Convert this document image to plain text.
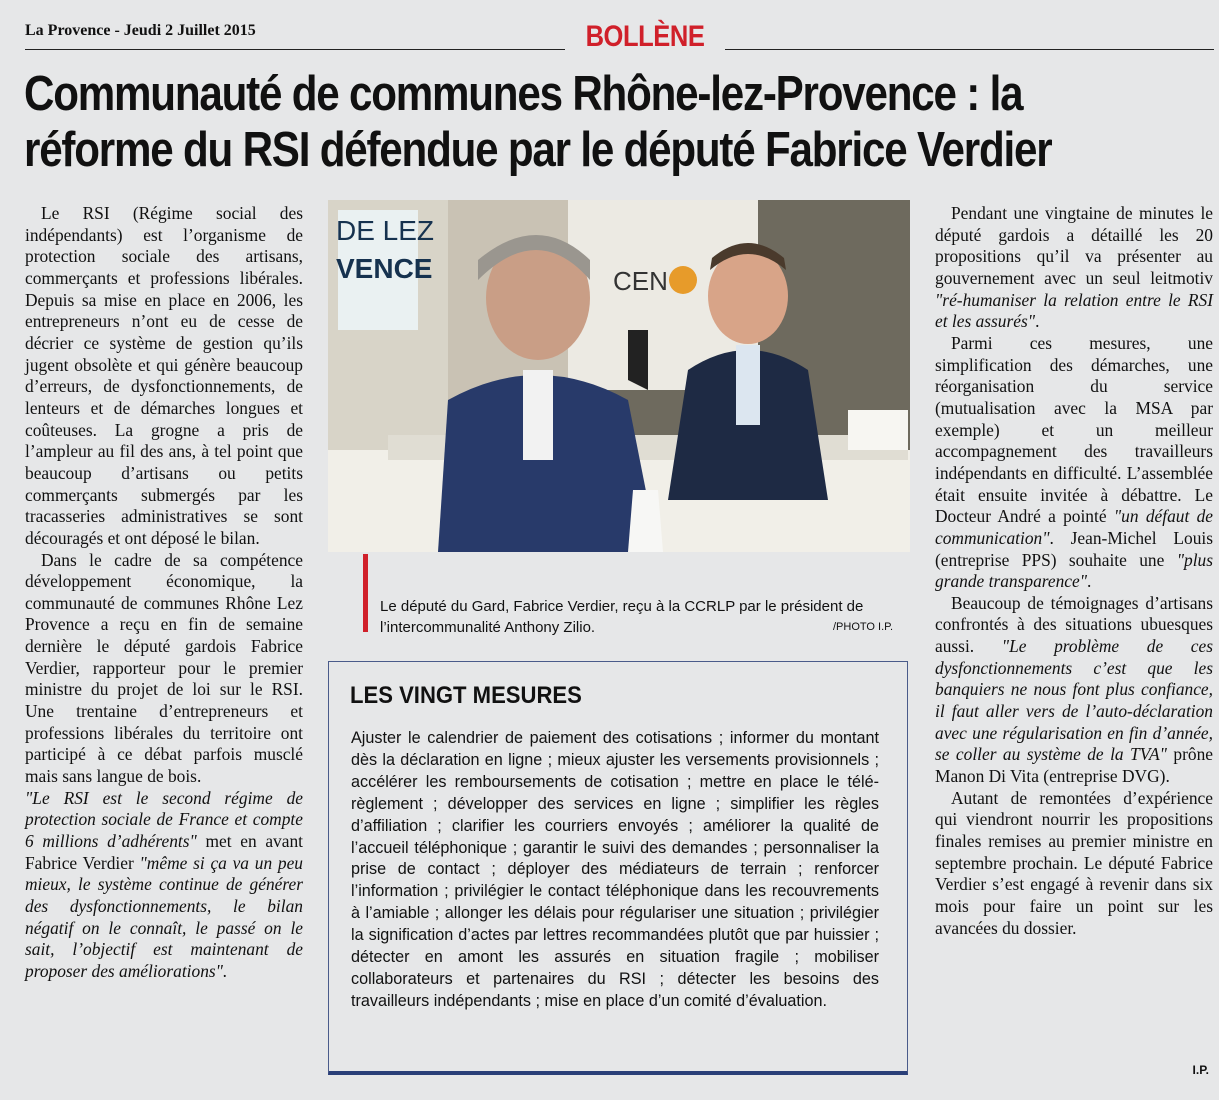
La Provence - Jeudi 2 Juillet 2015	BOLLÈNE
Communauté de communes Rhône-lez-Provence : la
réforme du RSI défendue par le député Fabrice Verdier

Le RSI (Régime social des indépendants) est l’organisme de protection sociale des artisans, commerçants et professions libérales. Depuis sa mise en place en 2006, les entrepreneurs n’ont eu de cesse de décrier ce système de gestion qu’ils jugent obsolète et qui génère beaucoup d’erreurs, de dysfonctionnements, de lenteurs et de démarches longues et coûteuses. La grogne a pris de l’ampleur au fil des ans, à tel point que beaucoup d’artisans ou petits commerçants submergés par les tracasseries administratives se sont découragés et ont déposé le bilan.

Dans le cadre de sa compétence développement économique, la communauté de communes Rhône Lez Provence a reçu en fin de semaine dernière le député gardois Fabrice Verdier, rapporteur pour le premier ministre du projet de loi sur le RSI. Une trentaine d’entrepreneurs et professions libérales du territoire ont participé à ce débat parfois musclé mais sans langue de bois.

"Le RSI est le second régime de protection sociale de France et compte 6 millions d’adhérents" met en avant Fabrice Verdier "même si ça va un peu mieux, le système continue de générer des dysfonctionnements, le bilan négatif on le connaît, le passé on le sait, l’objectif est maintenant de proposer des améliorations".

DE LEZ
VENCE	CEN
Le député du Gard, Fabrice Verdier, reçu à la CCRLP par le président de l’intercommunalité Anthony Zilio.	/PHOTO I.P.
LES VINGT MESURES
Ajuster le calendrier de paiement des cotisations ; informer du montant dès la déclaration en ligne ; mieux ajuster les versements provisionnels ; accélérer les remboursements de cotisation ; mettre en place le télé-règlement ; développer des services en ligne ; simplifier les règles d’affiliation ; clarifier les courriers envoyés ; améliorer la qualité de l’accueil téléphonique ; garantir le suivi des demandes ; personnaliser la prise de contact ; déployer des médiateurs de terrain ; renforcer l’information ; privilégier le contact téléphonique dans les recouvrements à l’amiable ; allonger les délais pour régulariser une situation ; privilégier la signification d’actes par lettres recommandées plutôt que par huissier ; détecter en amont les assurés en situation fragile ; mobiliser collaborateurs et partenaires du RSI ; détecter les besoins des travailleurs indépendants ; mise en place d’un comité d’évaluation.

Pendant une vingtaine de minutes le député gardois a détaillé les 20 propositions qu’il va présenter au gouvernement avec un seul leitmotiv "ré-humaniser la relation entre le RSI et les assurés".

Parmi ces mesures, une simplification des démarches, une réorganisation du service (mutualisation avec la MSA par exemple) et un meilleur accompagnement des travailleurs indépendants en difficulté. L’assemblée était ensuite invitée à débattre. Le Docteur André a pointé "un défaut de communication". Jean-Michel Louis (entreprise PPS) souhaite une "plus grande transparence".

Beaucoup de témoignages d’artisans confrontés à des situations ubuesques aussi. "Le problème de ces dysfonctionnements c’est que les banquiers ne nous font plus confiance, il faut aller vers de l’auto-déclaration avec une régularisation en fin d’année, se coller au système de la TVA" prône Manon Di Vita (entreprise DVG).

Autant de remontées d’expérience qui viendront nourrir les propositions finales remises au premier ministre en septembre prochain. Le député Fabrice Verdier s’est engagé à revenir dans six mois pour faire un point sur les avancées du dossier.

I.P.
